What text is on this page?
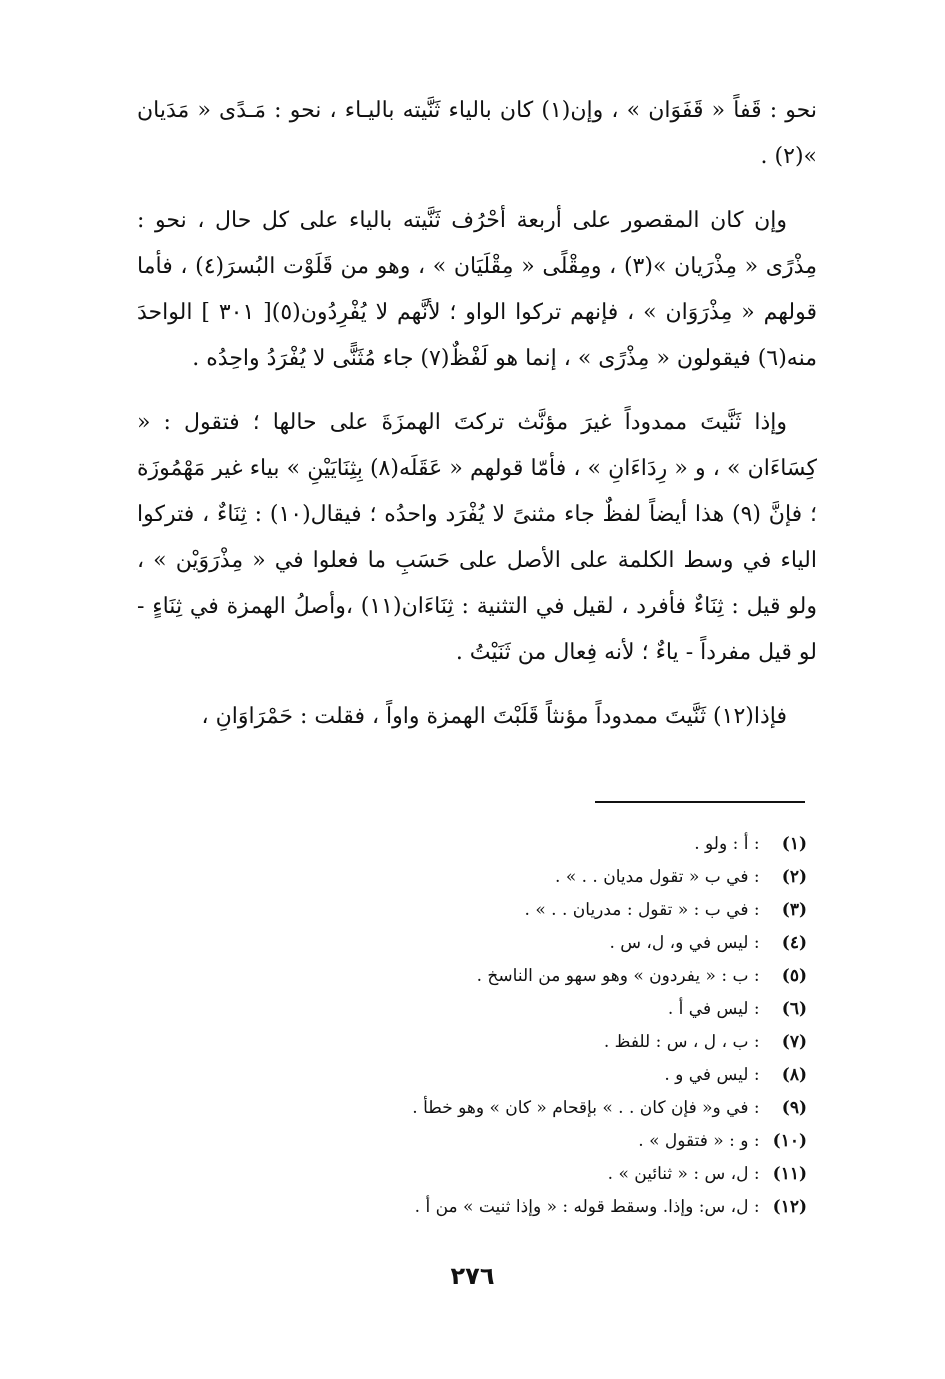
نحو : قَفاً « قَفَوَان » ، وإن(١) كان بالياء ثَنَّيته باليـاء ، نحو : مَـدًى « مَدَيان »(٢) .

وإن كان المقصور على أربعة أحْرُف ثَنَّيته بالياء على كل حال ، نحو : مِذْرًى « مِذْرَيان »(٣) ، ومِقْلًى « مِقْلَيَان » ، وهو من قَلَوْت البُسرَ(٤) ، فأما قولهم « مِذْرَوَان » ، فإنهم تركوا الواو ؛ لأنَّهم لا يُفْرِدُون(٥)[ ٣٠١ ] الواحدَ منه(٦) فيقولون « مِذْرًى » ، إنما هو لَفْظٌ(٧) جاء مُثَنًّى لا يُفْرَدُ واحِدُه .

وإذا ثَنَّيتَ ممدوداً غيرَ مؤنَّث تركتَ الهمزَةَ على حالها ؛ فتقول : « كِسَاءَان » ، و « رِدَاءَانِ » ، فأمّا قولهم « عَقَلَه(٨) بِثِنَايَيْنِ » بياء غير مَهْمُوزَة ؛ فإنَّ (٩) هذا أيضاً لفظٌ جاء مثنىً لا يُفْرَد واحدُه ؛ فيقال(١٠) : ثِنَاءٌ ، فتركوا الياء في وسط الكلمة على الأصل على حَسَبِ ما فعلوا في « مِذْرَوَيْن » ، ولو قيل : ثِنَاءٌ فأفرد ، لقيل في التثنية : ثِنَاءَان(١١) ،وأصلُ الهمزة في ثِنَاءٍ - لو قيل مفرداً - ياءٌ ؛ لأنه فِعال من ثَنَيْتُ .

فإذا(١٢) ثَنَّيتَ ممدوداً مؤنثاً قَلَبْتَ الهمزة واواً ، فقلت : حَمْرَاوَانِ ،

(١) : أ : ولو .

(٢) : في ب « تقول مديان . . » .

(٣) : في ب : « تقول : مدريان . . » .

(٤) : ليس في و، ل، س .

(٥) : ب : « يفردون » وهو سهو من الناسخ .

(٦) : ليس في أ .

(٧) : ب ، ل ، س : للفظ .

(٨) : ليس في و .

(٩) : في و« فإن كان . . » بإقحام « كان » وهو خطأ .

(١٠) : و : « فتقول » .

(١١) : ل، س : « ثنائين » .

(١٢) : ل، س: وإذا. وسقط قوله : « وإذا ثنيت » من أ .

٢٧٦
